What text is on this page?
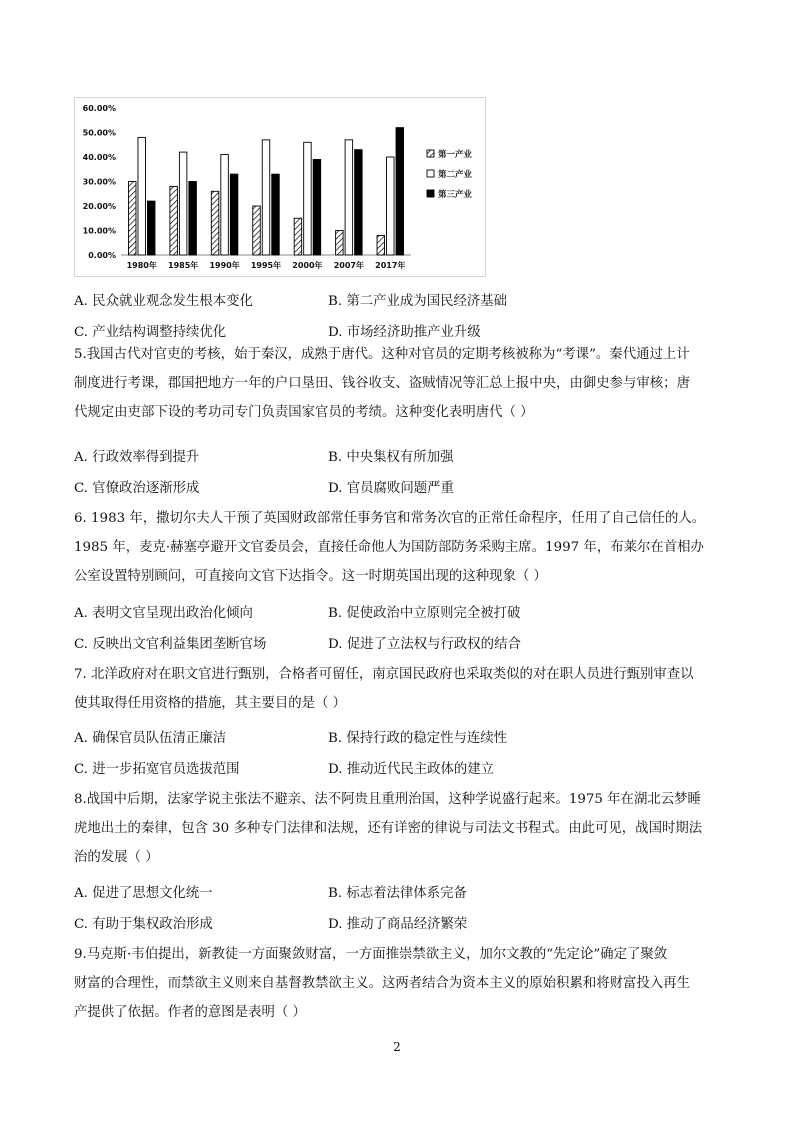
1980年 1985年 1990年 1995年 2000年 2007年 2017年
0.00%
10.00%
20.00%
30.00%
40.00%
50.00%
60.00%
第一产业
第二产业
第三产业
A. 民众就业观念发生根本变化	B. 第二产业成为国民经济基础
C. 产业结构调整持续优化	D. 市场经济助推产业升级
5.我国古代对官吏的考核，始于秦汉，成熟于唐代。这种对官员的定期考核被称为“考课”。秦代通过上计
制度进行考课，郡国把地方一年的户口垦田、钱谷收支、盗贼情况等汇总上报中央，由御史参与审核；唐
代规定由吏部下设的考功司专门负责国家官员的考绩。这种变化表明唐代（ ）
A. 行政效率得到提升	B. 中央集权有所加强
C. 官僚政治逐渐形成	D. 官员腐败问题严重
6. 1983 年，撒切尔夫人干预了英国财政部常任事务官和常务次官的正常任命程序，任用了自己信任的人。
1985 年，麦克·赫塞亭避开文官委员会，直接任命他人为国防部防务采购主席。1997 年，布莱尔在首相办
公室设置特别顾问，可直接向文官下达指令。这一时期英国出现的这种现象（ ）
A. 表明文官呈现出政治化倾向	B. 促使政治中立原则完全被打破
C. 反映出文官利益集团垄断官场	D. 促进了立法权与行政权的结合
7. 北洋政府对在职文官进行甄别，合格者可留任，南京国民政府也采取类似的对在职人员进行甄别审查以
使其取得任用资格的措施，其主要目的是（ ）
A. 确保官员队伍清正廉洁	B. 保持行政的稳定性与连续性
C. 进一步拓宽官员选拔范围	D. 推动近代民主政体的建立
8.战国中后期，法家学说主张法不避亲、法不阿贵且重刑治国，这种学说盛行起来。1975 年在湖北云梦睡
虎地出土的秦律，包含 30 多种专门法律和法规，还有详密的律说与司法文书程式。由此可见，战国时期法
治的发展（ ）
A. 促进了思想文化统一	B. 标志着法律体系完备
C. 有助于集权政治形成	D. 推动了商品经济繁荣
9.马克斯·韦伯提出，新教徒一方面聚敛财富，一方面推崇禁欲主义，加尔文教的“先定论”确定了聚敛
财富的合理性，而禁欲主义则来自基督教禁欲主义。这两者结合为资本主义的原始积累和将财富投入再生
产提供了依据。作者的意图是表明（ ）
2
